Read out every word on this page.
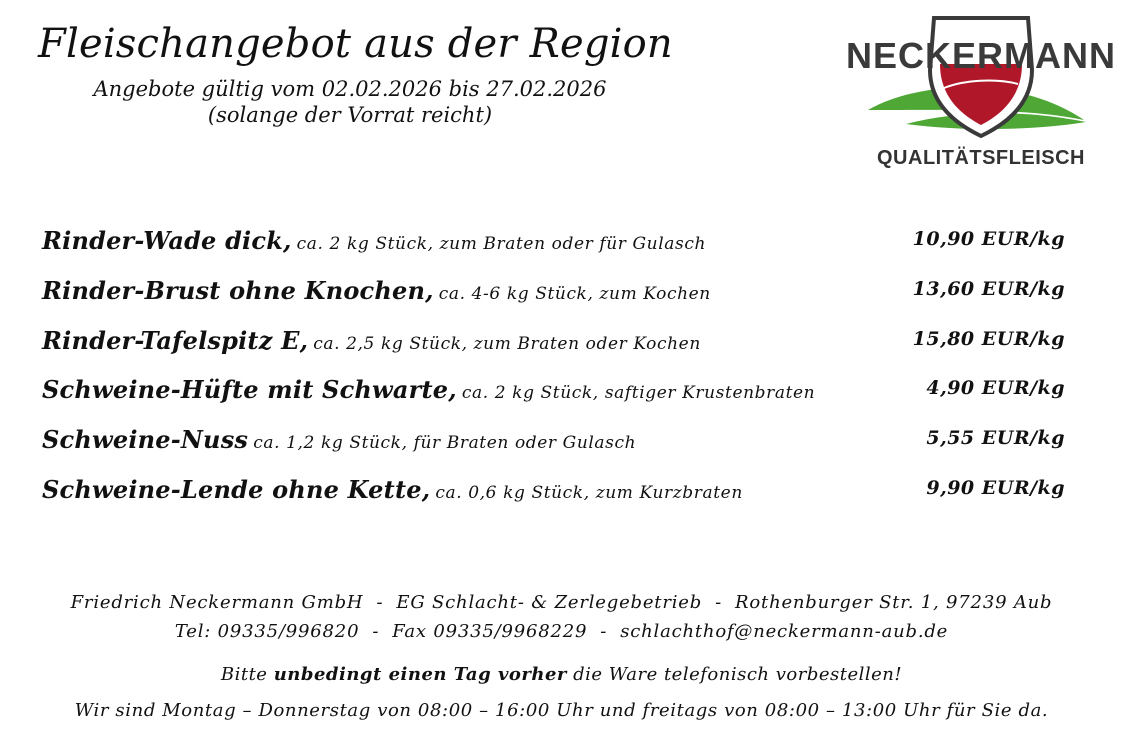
Fleischangebot aus der Region
Angebote gültig vom 02.02.2026 bis 27.02.2026
(solange der Vorrat reicht)
NECKERMANN
QUALITÄTSFLEISCH
Rinder-Wade dick, ca. 2 kg Stück, zum Braten oder für Gulasch	10,90 EUR/kg
Rinder-Brust ohne Knochen, ca. 4-6 kg Stück, zum Kochen	13,60 EUR/kg
Rinder-Tafelspitz E, ca. 2,5 kg Stück, zum Braten oder Kochen	15,80 EUR/kg
Schweine-Hüfte mit Schwarte, ca. 2 kg Stück, saftiger Krustenbraten	4,90 EUR/kg
Schweine-Nuss ca. 1,2 kg Stück, für Braten oder Gulasch	5,55 EUR/kg
Schweine-Lende ohne Kette, ca. 0,6 kg Stück, zum Kurzbraten	9,90 EUR/kg
Friedrich Neckermann GmbH  -  EG Schlacht- & Zerlegebetrieb  -  Rothenburger Str. 1, 97239 Aub
Tel: 09335/996820  -  Fax 09335/9968229  -  schlachthof@neckermann-aub.de
Bitte unbedingt einen Tag vorher die Ware telefonisch vorbestellen!
Wir sind Montag – Donnerstag von 08:00 – 16:00 Uhr und freitags von 08:00 – 13:00 Uhr für Sie da.
